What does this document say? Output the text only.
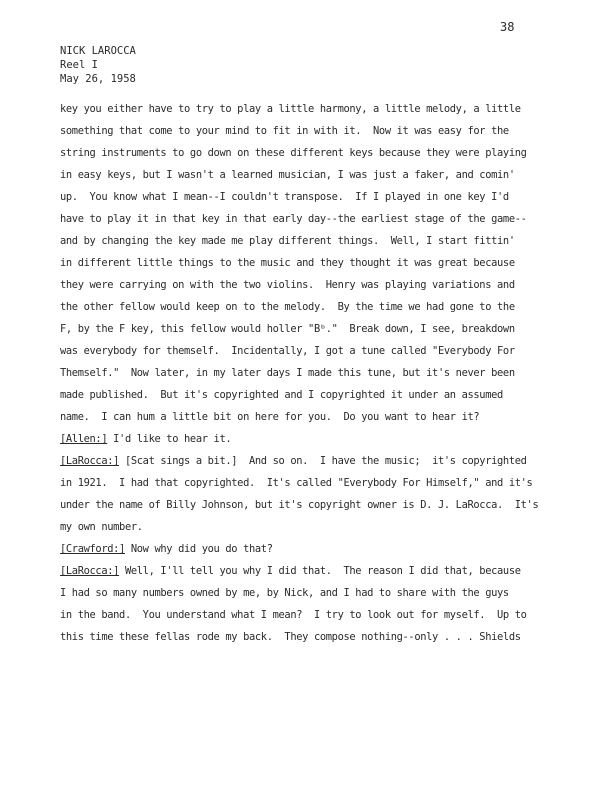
38
NICK LAROCCA
Reel I
May 26, 1958
key you either have to try to play a little harmony, a little melody, a little
something that come to your mind to fit in with it.  Now it was easy for the
string instruments to go down on these different keys because they were playing
in easy keys, but I wasn't a learned musician, I was just a faker, and comin'
up.  You know what I mean--I couldn't transpose.  If I played in one key I'd
have to play it in that key in that early day--the earliest stage of the game--
and by changing the key made me play different things.  Well, I start fittin'
in different little things to the music and they thought it was great because
they were carrying on with the two violins.  Henry was playing variations and
the other fellow would keep on to the melody.  By the time we had gone to the
F, by the F key, this fellow would holler "Bᵇ."  Break down, I see, breakdown
was everybody for themself.  Incidentally, I got a tune called "Everybody For
Themself."  Now later, in my later days I made this tune, but it's never been
made published.  But it's copyrighted and I copyrighted it under an assumed
name.  I can hum a little bit on here for you.  Do you want to hear it?
[Allen:] I'd like to hear it.
[LaRocca:] [Scat sings a bit.]  And so on.  I have the music;  it's copyrighted
in 1921.  I had that copyrighted.  It's called "Everybody For Himself," and it's
under the name of Billy Johnson, but it's copyright owner is D. J. LaRocca.  It's
my own number.
[Crawford:] Now why did you do that?
[LaRocca:] Well, I'll tell you why I did that.  The reason I did that, because
I had so many numbers owned by me, by Nick, and I had to share with the guys
in the band.  You understand what I mean?  I try to look out for myself.  Up to
this time these fellas rode my back.  They compose nothing--only . . . Shields
